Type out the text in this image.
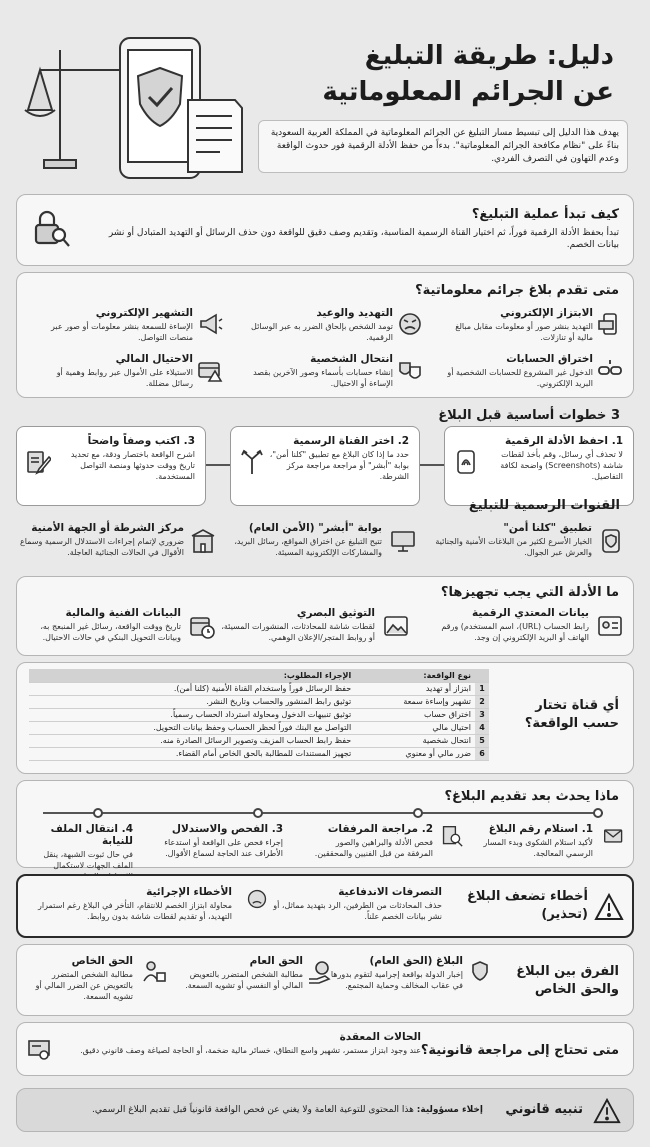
دليل: طريقة التبليغ
عن الجرائم المعلوماتية
يهدف هذا الدليل إلى تبسيط مسار التبليغ عن الجرائم المعلوماتية في المملكة العربية السعودية بناءً على "نظام مكافحة الجرائم المعلوماتية". بدءاً من حفظ الأدلة الرقمية فور حدوث الواقعة وعدم التهاون في التصرف الفردي.
كيف تبدأ عملية التبليغ؟
تبدأ بحفظ الأدلة الرقمية فوراً، ثم اختيار القناة الرسمية المناسبة، وتقديم وصف دقيق للواقعة دون حذف الرسائل أو التهديد المتبادل أو نشر بيانات الخصم.
متى تقدم بلاغ جرائم معلوماتية؟
الابتزاز الإلكتروني
التهديد بنشر صور أو معلومات مقابل مبالغ مالية أو تنازلات.
التهديد والوعيد
تومد الشخص بإلحاق الضرر به عبر الوسائل الرقمية.
التشهير الإلكتروني
الإساءة للسمعة بنشر معلومات أو صور عبر منصات التواصل.
اختراق الحسابات
الدخول غير المشروع للحسابات الشخصية أو البريد الإلكتروني.
انتحال الشخصية
إنشاء حسابات بأسماء وصور الآخرين بقصد الإساءة أو الاحتيال.
الاحتيال المالي
الاستيلاء على الأموال عبر روابط وهمية أو رسائل مضللة.
3 خطوات أساسية قبل البلاغ
1. احفظ الأدلة الرقمية
لا تحذف أي رسائل، وقم بأخذ لقطات شاشة (Screenshots) واضحة لكافة التفاصيل.
2. اختر القناة الرسمية
حدد ما إذا كان البلاغ مع تطبيق "كلنا أمن"، بوابة "أبشر" أو مراجعة مراجعة مركز الشرطة.
3. اكتب وصفاً واضحاً
اشرح الواقعة باختصار ودقة، مع تحديد تاريخ ووقت حدوثها ومنصة التواصل المستخدمة.
القنوات الرسمية للتبليغ
تطبيق "كلنا أمن"
الخيار الأسرع لكثير من البلاغات الأمنية والجنائية والعرش عبر الجوال.
بوابة "أبشر" (الأمن العام)
تتيح التبليغ عن اختراق المواقع، رسائل البريد، والمشاركات الإلكترونية المسيئة.
مركز الشرطة أو الجهة الأمنية
ضروري لإتمام إجراءات الاستدلال الرسمية وسماع الأقوال في الحالات الجنائية العاجلة.
ما الأدلة التي يجب تجهيزها؟
بيانات المعتدي الرقمية
رابط الحساب (URL)، اسم المستخدم) ورقم الهاتف أو البريد الإلكتروني إن وجد.
التوثيق البصري
لقطات شاشة للمحادثات، المنشورات المسيئة، أو روابط المتجر/الإعلان الوهمي.
البيانات الفنية والمالية
تاريخ ووقت الواقعة، رسائل غير المنبعج به، وبيانات التحويل البنكي في حالات الاحتيال.
أي قناة تختار حسب الواقعة؟
	نوع الواقعة:	الإجراء المطلوب:
1	ابتزاز أو تهديد	حفظ الرسائل فوراً واستخدام القناة الأمنية (كلنا أمن).
2	تشهير وإساءة سمعة	توثيق رابط المنشور والحساب وتاريخ النشر.
3	اختراق حساب	توثيق تنبيهات الدخول ومحاولة استرداد الحساب رسمياً.
4	احتيال مالي	التواصل مع البنك فوراً لحظر الحساب وحفظ بيانات التحويل.
5	انتحال شخصية	حفظ رابط الحساب المزيف وتصوير الرسائل الصادرة منه.
6	ضرر مالي أو معنوي	تجهيز المستندات للمطالبة بالحق الخاص أمام القضاء.
ماذا يحدث بعد تقديم البلاغ؟
1. استلام رقم البلاغ
لأكيد استلام الشكوى وبدء المسار الرسمي المعالجة.
2. مراجعة المرفقات
فحص الأدلة والبراهين والصور المرفقة من قبل الفنيين والمحققين.
3. الفحص والاستدلال
إجراء فحص على الواقعة أو استدعاء الأطراف عند الحاجة لسماع الأقوال.
4. انتقال الملف للنيابة
في حال ثبوت الشبهة، ينقل الملف الجهات لاستكمال
أخطاء تضعف البلاغ
(تحذير)
التصرفات الاندفاعية
حذف المحادثات من الطرفين، الرد بتهديد مماثل، أو نشر بيانات الخصم علناً.
الأخطاء الإجرائية
محاولة ابتزاز الخصم للانتقام، التأخر في البلاغ رغم استمرار التهديد، أو تقديم لقطات شاشة بدون روابط.
الفرق بين البلاغ والحق الخاص
البلاغ (الحق العام)
إخبار الدولة بواقعة إجرامية لتقوم بدورها في عقاب المخالف وحماية المجتمع.
الحق العام
مطالبة الشخص المتضرر بالتعويض المالي أو النفسي أو تشويه السمعة.
الحق الخاص
مطالبة الشخص المتضرر بالتعويض عن الضرر المالي أو تشويه السمعة.
متى تحتاج إلى مراجعة قانونية؟
الحالات المعقدة
عند وجود ابتزاز مستمر، تشهير واسع النطاق، خسائر مالية ضخمة، أو الحاجة لصياغة وصف قانوني دقيق.
تنبيه قانوني
إخلاء مسؤولية: هذا المحتوى للتوعية العامة ولا يغني عن فحص الواقعة قانونياً قبل تقديم البلاغ الرسمي.
